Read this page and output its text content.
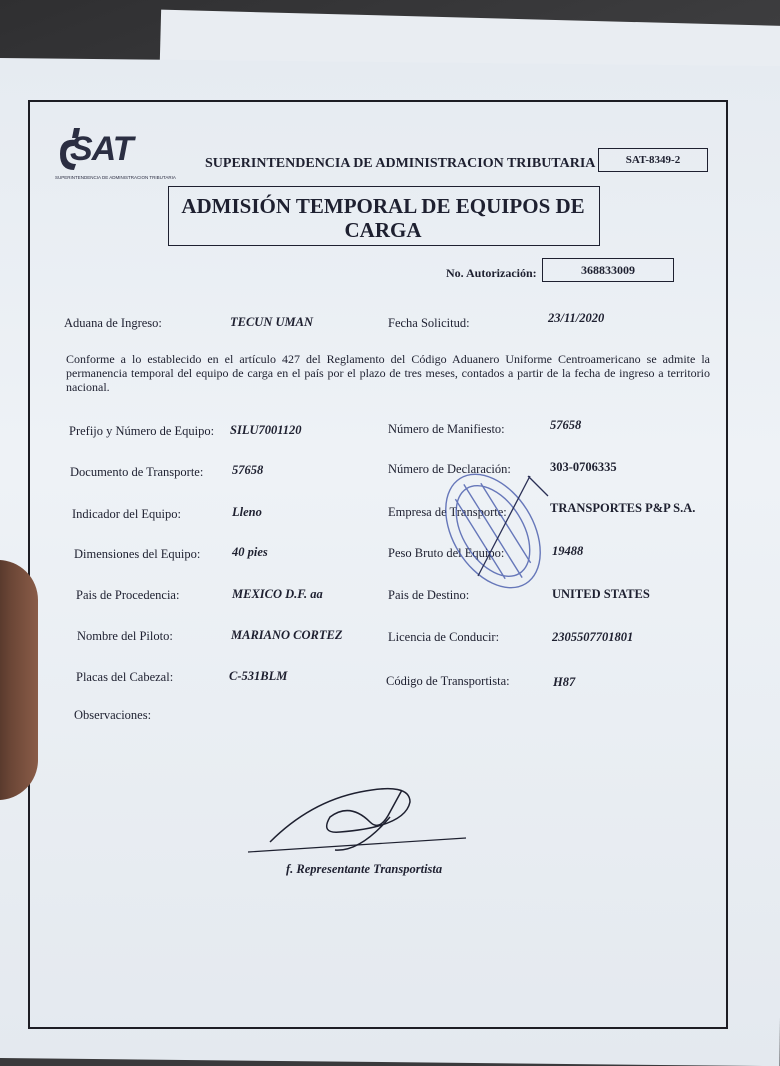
SAT
SUPERINTENDENCIA DE ADMINISTRACION TRIBUTARIA
SUPERINTENDENCIA DE ADMINISTRACION TRIBUTARIA	SAT-8349-2
ADMISIÓN TEMPORAL DE EQUIPOS DE
CARGA
No. Autorización:	368833009
Aduana de Ingreso:	TECUN UMAN	Fecha Solicitud:	23/11/2020
Conforme a lo establecido en el artículo 427 del Reglamento del Código Aduanero Uniforme Centroamericano se admite la permanencia temporal del equipo de carga en el país por el plazo de tres meses, contados a partir de la fecha de ingreso a territorio nacional.
Prefijo y Número de Equipo: SILU7001120
Documento de Transporte: 57658
Indicador del Equipo:	Lleno
Dimensiones del Equipo:	40 pies
Pais de Procedencia:	MEXICO D.F. aa
Nombre del Piloto:	MARIANO CORTEZ
Placas del Cabezal:	C-531BLM
Número de Manifiesto:	57658
Número de Declaración:	303-0706335
Empresa de Transporte:	TRANSPORTES P&P S.A.
Peso Bruto del Equipo:	19488
Pais de Destino:	UNITED STATES
Licencia de Conducir:	2305507701801
Código de Transportista:	H87
Observaciones:
f. Representante Transportista
